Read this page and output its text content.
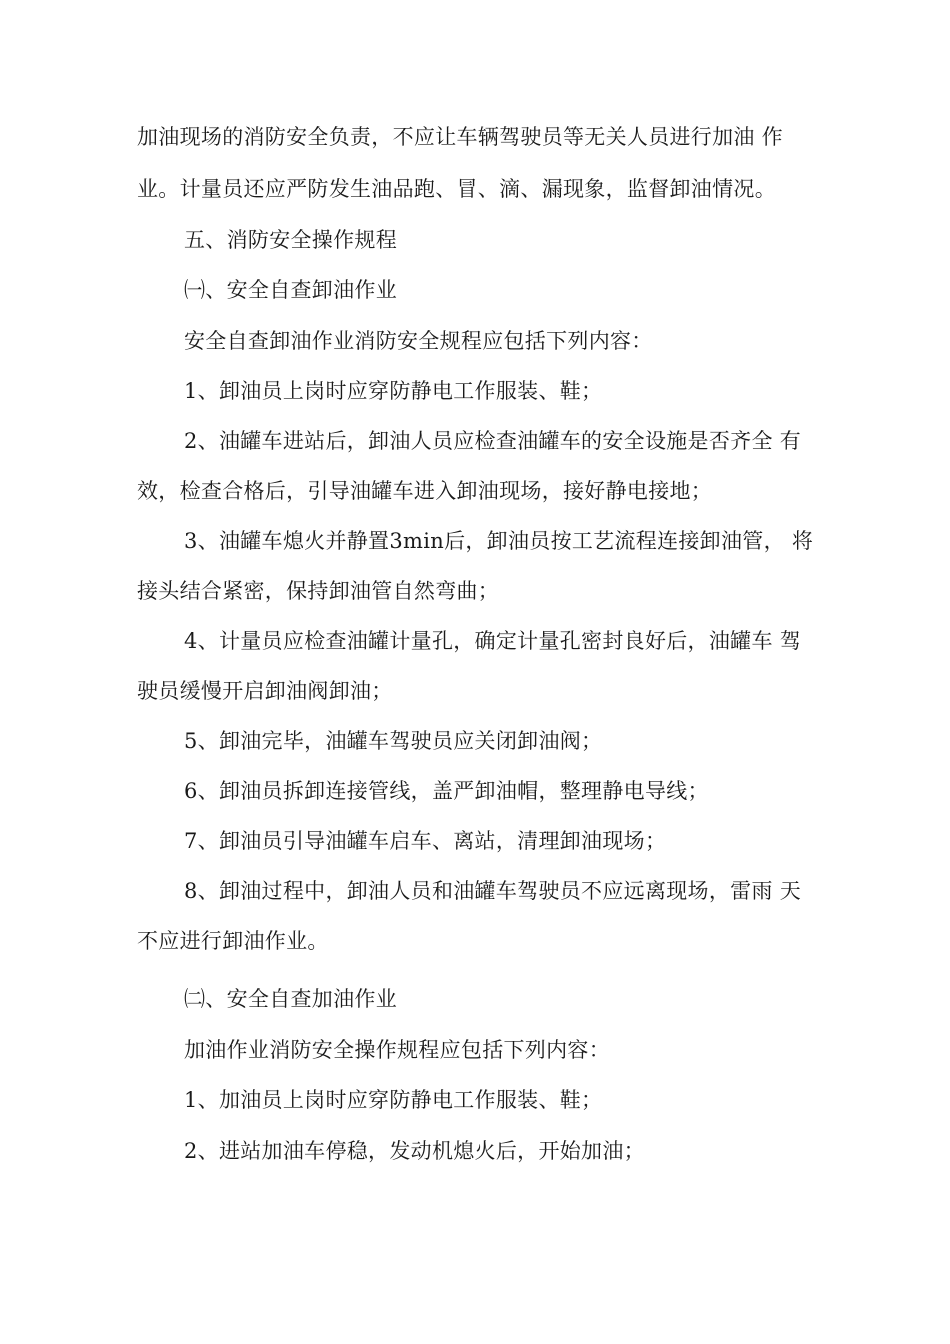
加油现场的消防安全负责，不应让车辆驾驶员等无关人员进行加油 作
业。计量员还应严防发生油品跑、冒、滴、漏现象，监督卸油情况。
五、消防安全操作规程
㈠、安全自查卸油作业
安全自查卸油作业消防安全规程应包括下列内容：
1、卸油员上岗时应穿防静电工作服装、鞋；
2、油罐车进站后，卸油人员应检查油罐车的安全设施是否齐全 有
效，检查合格后，引导油罐车进入卸油现场，接好静电接地；
3、油罐车熄火并静置3min后，卸油员按工艺流程连接卸油管， 将
接头结合紧密，保持卸油管自然弯曲；
4、计量员应检查油罐计量孔，确定计量孔密封良好后，油罐车 驾
驶员缓慢开启卸油阀卸油；
5、卸油完毕，油罐车驾驶员应关闭卸油阀；
6、卸油员拆卸连接管线，盖严卸油帽，整理静电导线；
7、卸油员引导油罐车启车、离站，清理卸油现场；
8、卸油过程中，卸油人员和油罐车驾驶员不应远离现场，雷雨 天
不应进行卸油作业。
㈡、安全自查加油作业
加油作业消防安全操作规程应包括下列内容：
1、加油员上岗时应穿防静电工作服装、鞋；
2、进站加油车停稳，发动机熄火后，开始加油；
